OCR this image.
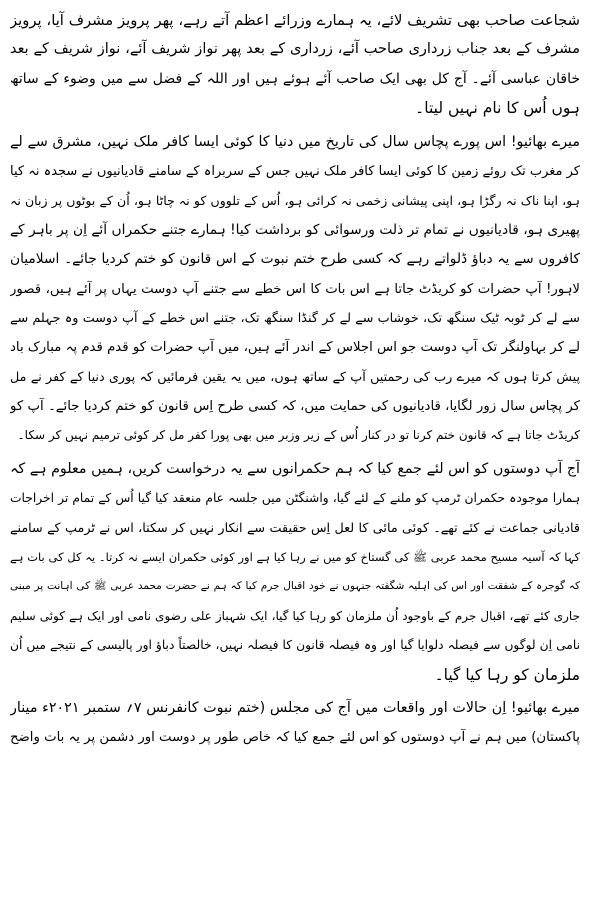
شجاعت صاحب بھی تشریف لائے، یہ ہمارے وزرائے اعظم آتے رہے، پھر پرویز مشرف آیا، پرویز
مشرف کے بعد جناب زرداری صاحب آئے، زرداری کے بعد پھر نواز شریف آئے، نواز شریف کے بعد
خاقان عباسی آئے۔ آج کل بھی ایک صاحب آئے ہوئے ہیں اور اللہ کے فضل سے میں وضوء کے ساتھ
ہوں اُس کا نام نہیں لیتا۔
میرے بھائیو! اس پورے پچاس سال کی تاریخ میں دنیا کا کوئی ایسا کافر ملک نہیں، مشرق سے لے
کر مغرب تک روئے زمین کا کوئی ایسا کافر ملک نہیں جس کے سربراہ کے سامنے قادیانیوں نے سجدہ نہ کیا
ہو، اپنا ناک نہ رگڑا ہو، اپنی پیشانی زخمی نہ کرائی ہو، اُس کے تلووں کو نہ چاٹا ہو، اُن کے بوٹوں پر زبان نہ
پھیری ہو، قادیانیوں نے تمام تر ذلت ورسوائی کو برداشت کیا! ہمارے جتنے حکمراں آئے اِن پر باہر کے
کافروں سے یہ دباؤ ڈلواتے رہے کہ کسی طرح ختم نبوت کے اس قانون کو ختم کردیا جائے۔ اسلامیان
لاہور! آپ حضرات کو کریڈٹ جاتا ہے اس بات کا اس خطے سے جتنے آپ دوست یہاں پر آئے ہیں، قصور
سے لے کر ٹوبہ ٹیک سنگھ تک، خوشاب سے لے کر گنڈا سنگھ تک، جتنے اس خطے کے آپ دوست وہ جہلم سے
لے کر بہاولنگر تک آپ دوست جو اس اجلاس کے اندر آئے ہیں، میں آپ حضرات کو قدم قدم پہ مبارک باد
پیش کرتا ہوں کہ میرے رب کی رحمتیں آپ کے ساتھ ہوں، میں یہ یقین فرمائیں کہ پوری دنیا کے کفر نے مل
کر پچاس سال زور لگایا، قادیانیوں کی حمایت میں، کہ کسی طرح اِس قانون کو ختم کردیا جائے۔ آپ کو
کریڈٹ جاتا ہے کہ قانون ختم کرنا تو در کنار اُس کے زیر وزبر میں بھی پورا کفر مل کر کوئی ترمیم نہیں کر سکا۔
آج آپ دوستوں کو اس لئے جمع کیا کہ ہم حکمرانوں سے یہ درخواست کریں، ہمیں معلوم ہے کہ
ہمارا موجودہ حکمران ٹرمپ کو ملنے کے لئے گیا، واشنگٹن میں جلسہ عام منعقد کیا گیا اُس کے تمام تر اخراجات
قادیانی جماعت نے کئے تھے۔ کوئی مائی کا لعل اِس حقیقت سے انکار نہیں کر سکتا، اس نے ٹرمپ کے سامنے
کہا کہ آسیہ مسیح محمد عربی ﷺ کی گستاخ کو میں نے رہا کیا ہے اور کوئی حکمران ایسے نہ کرتا۔ یہ کل کی بات ہے
کہ گوجرہ کے شفقت اور اس کی اہلیہ شگفتہ جنہوں نے خود اقبال جرم کیا کہ ہم نے حضرت محمد عربی ﷺ کی اہانت پر مبنی
جاری کئے تھے، اقبال جرم کے باوجود اُن ملزمان کو رہا کیا گیا، ایک شہباز علی رضوی نامی اور ایک ہے کوئی سلیم
نامی اِن لوگوں سے فیصلہ دلوایا گیا اور وہ فیصلہ قانون کا فیصلہ نہیں، خالصتاً دباؤ اور پالیسی کے نتیجے میں اُن
ملزمان کو رہا کیا گیا۔
میرے بھائیو! اِن حالات اور واقعات میں آج کی مجلس (ختم نبوت کانفرنس ۷؍ ستمبر ۲۰۲۱ء مینار
پاکستان) میں ہم نے آپ دوستوں کو اس لئے جمع کیا کہ خاص طور پر دوست اور دشمن پر یہ بات واضح
